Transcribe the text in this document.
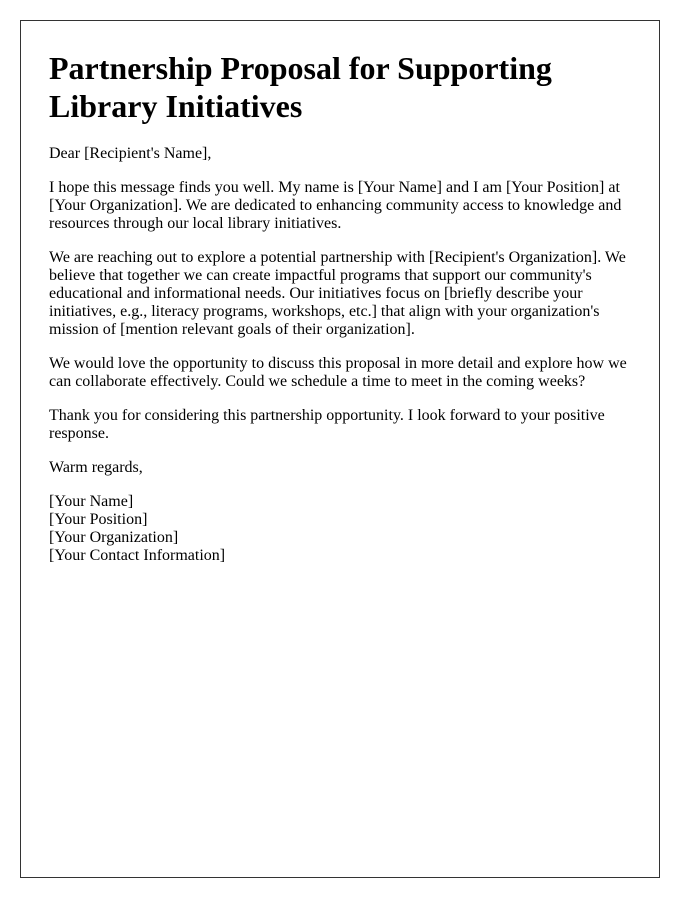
Partnership Proposal for Supporting Library Initiatives

Dear [Recipient's Name],

I hope this message finds you well. My name is [Your Name] and I am [Your Position] at [Your Organization]. We are dedicated to enhancing community access to knowledge and resources through our local library initiatives.

We are reaching out to explore a potential partnership with [Recipient's Organization]. We believe that together we can create impactful programs that support our community's educational and informational needs. Our initiatives focus on [briefly describe your initiatives, e.g., literacy programs, workshops, etc.] that align with your organization's mission of [mention relevant goals of their organization].

We would love the opportunity to discuss this proposal in more detail and explore how we can collaborate effectively. Could we schedule a time to meet in the coming weeks?

Thank you for considering this partnership opportunity. I look forward to your positive response.

Warm regards,

[Your Name]

[Your Position]

[Your Organization]

[Your Contact Information]
